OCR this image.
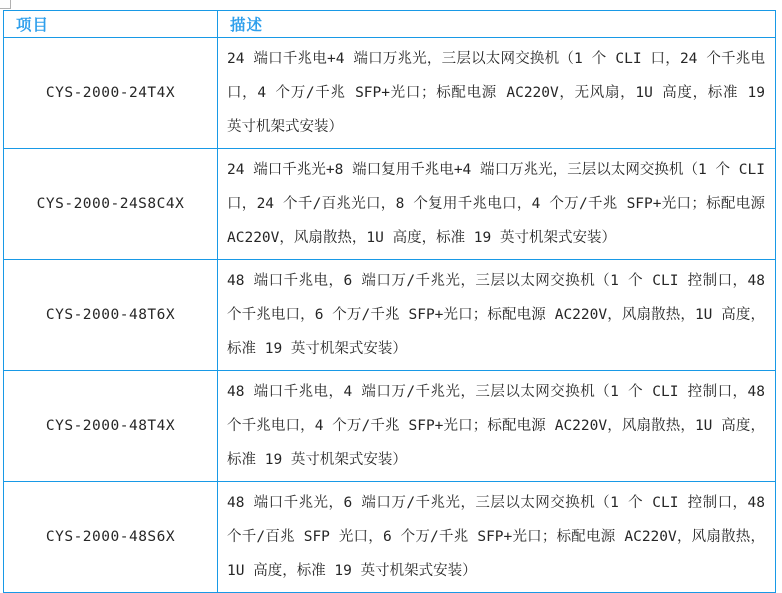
项目	描述
CYS-2000-24T4X	24 端口千兆电+4 端口万兆光，三层以太网交换机（1 个 CLI 口，24 个千兆电口，4 个万/千兆 SFP+光口；标配电源 AC220V，无风扇，1U 高度，标准 19 英寸机架式安装）
CYS-2000-24S8C4X	24 端口千兆光+8 端口复用千兆电+4 端口万兆光，三层以太网交换机（1 个 CLI 口，24 个千/百兆光口，8 个复用千兆电口，4 个万/千兆 SFP+光口；标配电源 AC220V，风扇散热，1U 高度，标准 19 英寸机架式安装）
CYS-2000-48T6X	48 端口千兆电，6 端口万/千兆光，三层以太网交换机（1 个 CLI 控制口，48 个千兆电口，6 个万/千兆 SFP+光口；标配电源 AC220V，风扇散热，1U 高度，标准 19 英寸机架式安装）
CYS-2000-48T4X	48 端口千兆电，4 端口万/千兆光，三层以太网交换机（1 个 CLI 控制口，48 个千兆电口，4 个万/千兆 SFP+光口；标配电源 AC220V，风扇散热，1U 高度，标准 19 英寸机架式安装）
CYS-2000-48S6X	48 端口千兆光，6 端口万/千兆光，三层以太网交换机（1 个 CLI 控制口，48 个千/百兆 SFP 光口，6 个万/千兆 SFP+光口；标配电源 AC220V，风扇散热，1U 高度，标准 19 英寸机架式安装）
